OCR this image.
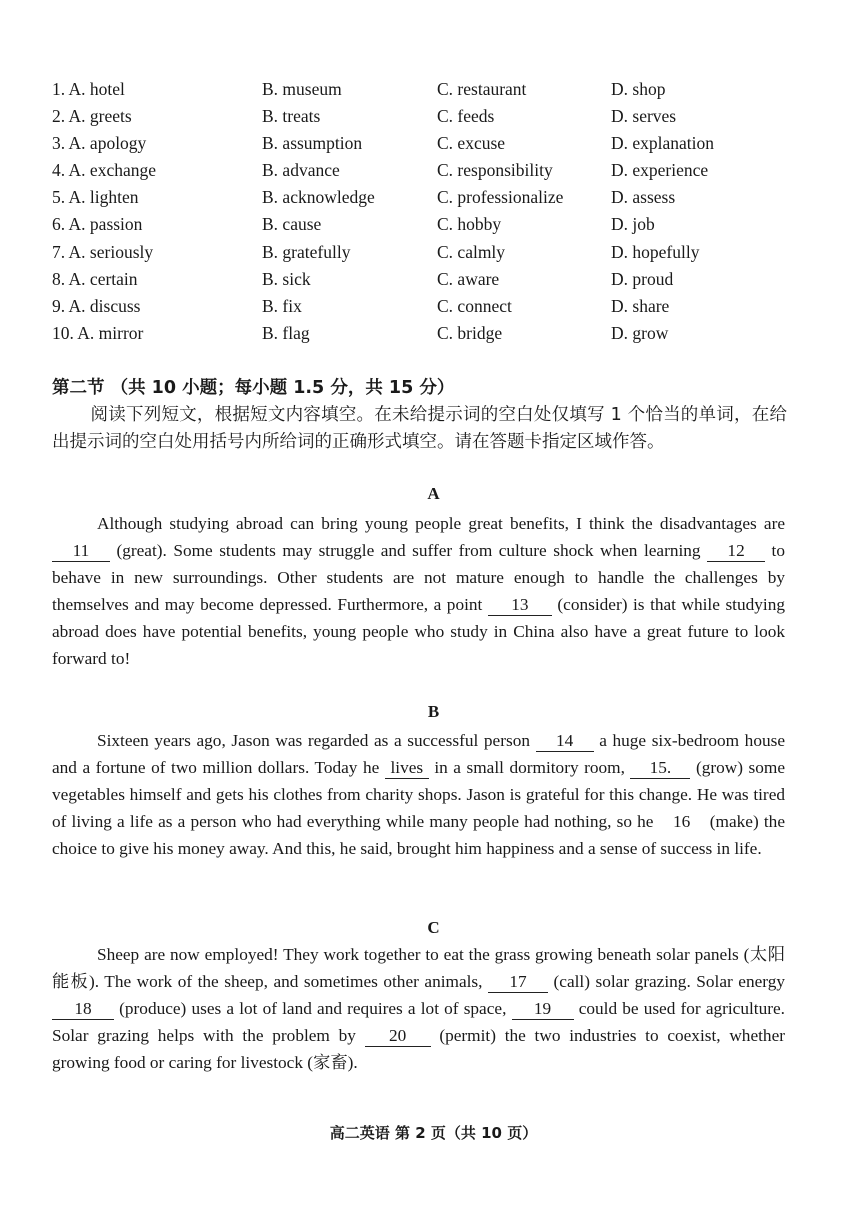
1. A. hotel	B. museum	C. restaurant	D. shop
2. A. greets	B. treats	C. feeds	D. serves
3. A. apology	B. assumption	C. excuse	D. explanation
4. A. exchange	B. advance	C. responsibility	D. experience
5. A. lighten	B. acknowledge	C. professionalize	D. assess
6. A. passion	B. cause	C. hobby	D. job
7. A. seriously	B. gratefully	C. calmly	D. hopefully
8. A. certain	B. sick	C. aware	D. proud
9. A. discuss	B. fix	C. connect	D. share
10. A. mirror	B. flag	C. bridge	D. grow
第二节 （共 10 小题；每小题 1.5 分，共 15 分）
阅读下列短文，根据短文内容填空。在未给提示词的空白处仅填写 1 个恰当的单词，在给出提示词的空白处用括号内所给词的正确形式填空。请在答题卡指定区域作答。
A
Although studying abroad can bring young people great benefits, I think the disadvantages are 11 (great). Some students may struggle and suffer from culture shock when learning 12 to behave in new surroundings. Other students are not mature enough to handle the challenges by themselves and may become depressed. Furthermore, a point 13 (consider) is that while studying abroad does have potential benefits, young people who study in China also have a great future to look forward to!
B
Sixteen years ago, Jason was regarded as a successful person 14 a huge six-bedroom house and a fortune of two million dollars. Today he lives in a small dormitory room, 15. (grow) some vegetables himself and gets his clothes from charity shops. Jason is grateful for this change. He was tired of living a life as a person who had everything while many people had nothing, so he 16 (make) the choice to give his money away. And this, he said, brought him happiness and a sense of success in life.
C
Sheep are now employed! They work together to eat the grass growing beneath solar panels (太阳能板). The work of the sheep, and sometimes other animals, 17 (call) solar grazing. Solar energy 18 (produce) uses a lot of land and requires a lot of space, 19 could be used for agriculture. Solar grazing helps with the problem by 20 (permit) the two industries to coexist, whether growing food or caring for livestock (家畜).
高二英语 第 2 页（共 10 页）
